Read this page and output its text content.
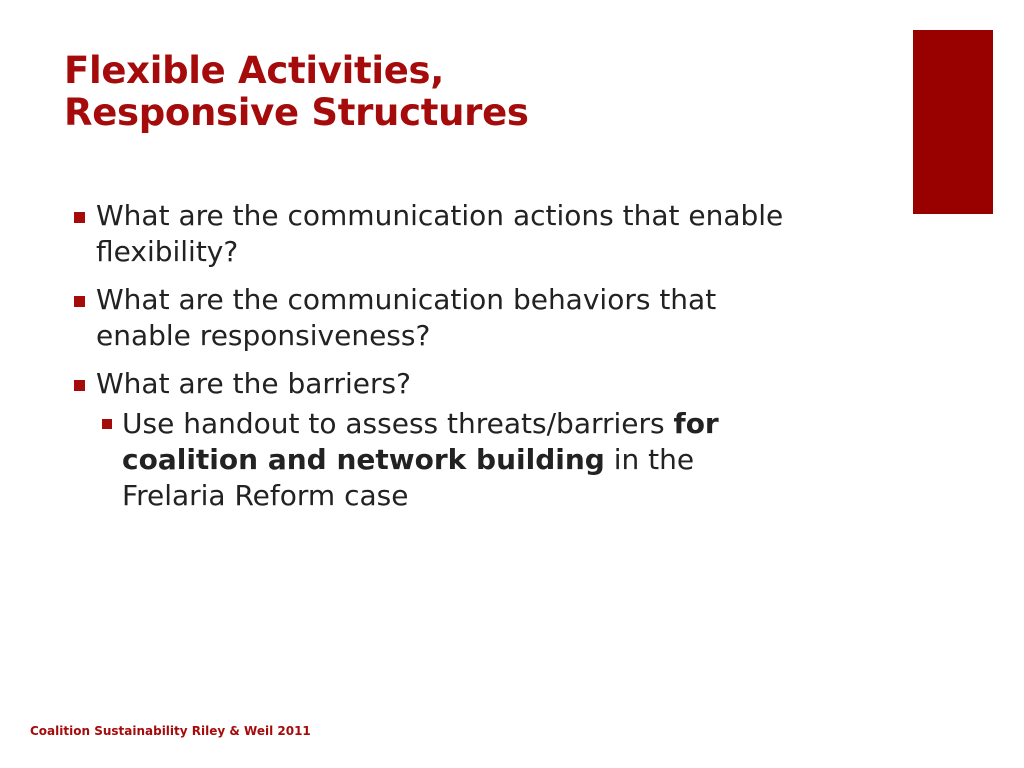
Flexible Activities,
Responsive Structures
What are the communication actions that enable flexibility?
What are the communication behaviors that enable responsiveness?
What are the barriers?
Use handout to assess threats/barriers for coalition and network building in the Frelaria Reform case
Coalition Sustainability Riley & Weil 2011
